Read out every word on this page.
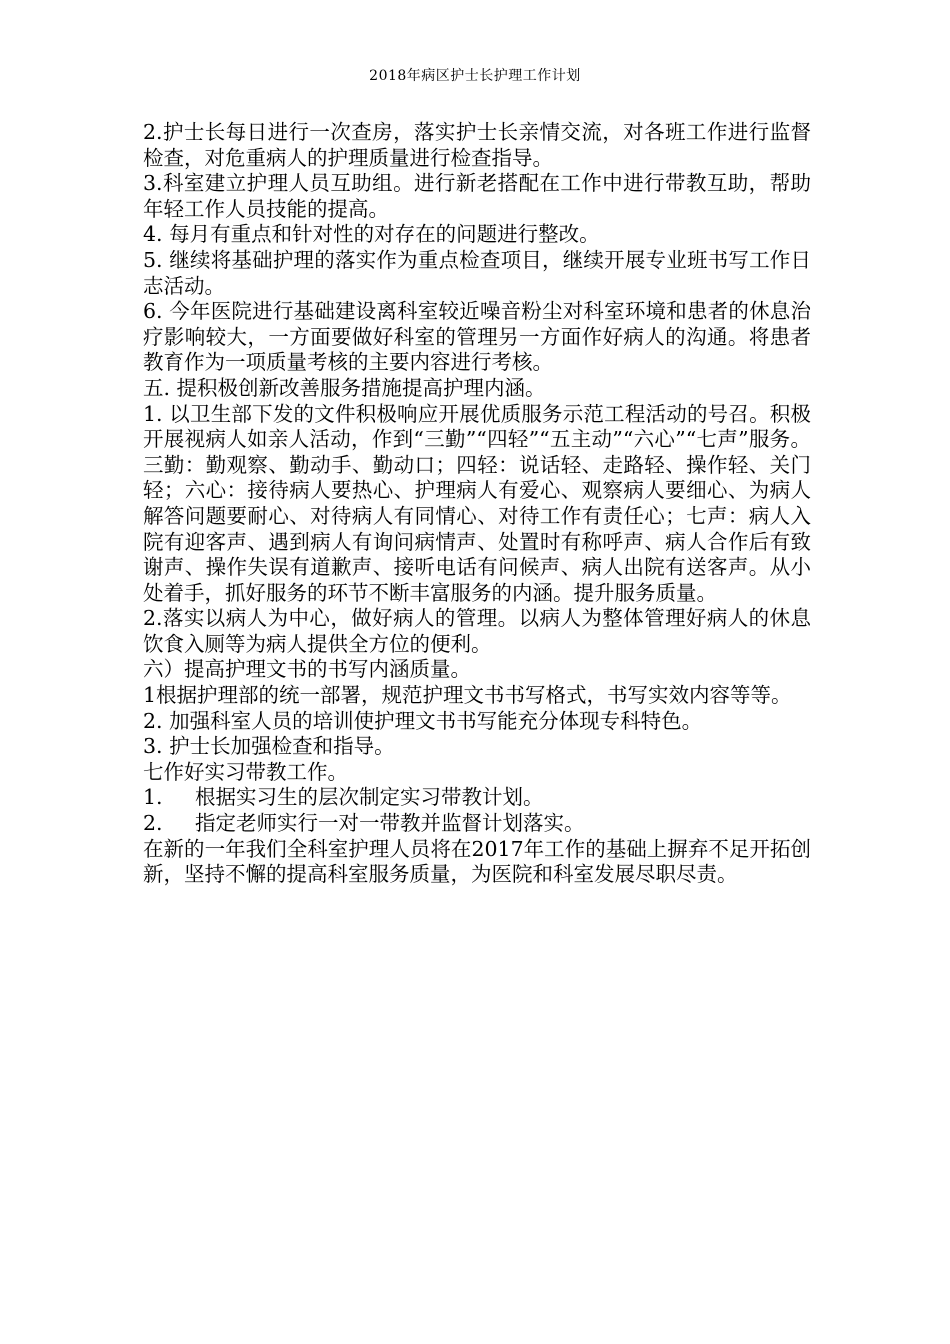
2018年病区护士长护理工作计划

2.护士长每日进行一次查房，落实护士长亲情交流，对各班工作进行监督检查，对危重病人的护理质量进行检查指导。

3.科室建立护理人员互助组。进行新老搭配在工作中进行带教互助，帮助年轻工作人员技能的提高。

4. 每月有重点和针对性的对存在的问题进行整改。

5. 继续将基础护理的落实作为重点检查项目，继续开展专业班书写工作日志活动。

6. 今年医院进行基础建设离科室较近噪音粉尘对科室环境和患者的休息治疗影响较大，一方面要做好科室的管理另一方面作好病人的沟通。将患者教育作为一项质量考核的主要内容进行考核。

五. 提积极创新改善服务措施提高护理内涵。

1. 以卫生部下发的文件积极响应开展优质服务示范工程活动的号召。积极开展视病人如亲人活动，作到“三勤”“四轻”“五主动”“六心”“七声”服务。三勤：勤观察、勤动手、勤动口；四轻：说话轻、走路轻、操作轻、关门轻；六心：接待病人要热心、护理病人有爱心、观察病人要细心、为病人解答问题要耐心、对待病人有同情心、对待工作有责任心；七声：病人入院有迎客声、遇到病人有询问病情声、处置时有称呼声、病人合作后有致谢声、操作失误有道歉声、接听电话有问候声、病人出院有送客声。从小处着手，抓好服务的环节不断丰富服务的内涵。提升服务质量。

2.落实以病人为中心，做好病人的管理。以病人为整体管理好病人的休息饮食入厕等为病人提供全方位的便利。

六）提高护理文书的书写内涵质量。

1根据护理部的统一部署，规范护理文书书写格式，书写实效内容等等。

2. 加强科室人员的培训使护理文书书写能充分体现专科特色。

3. 护士长加强检查和指导。

七作好实习带教工作。

1. 根据实习生的层次制定实习带教计划。

2. 指定老师实行一对一带教并监督计划落实。

在新的一年我们全科室护理人员将在2017年工作的基础上摒弃不足开拓创新，坚持不懈的提高科室服务质量，为医院和科室发展尽职尽责。
